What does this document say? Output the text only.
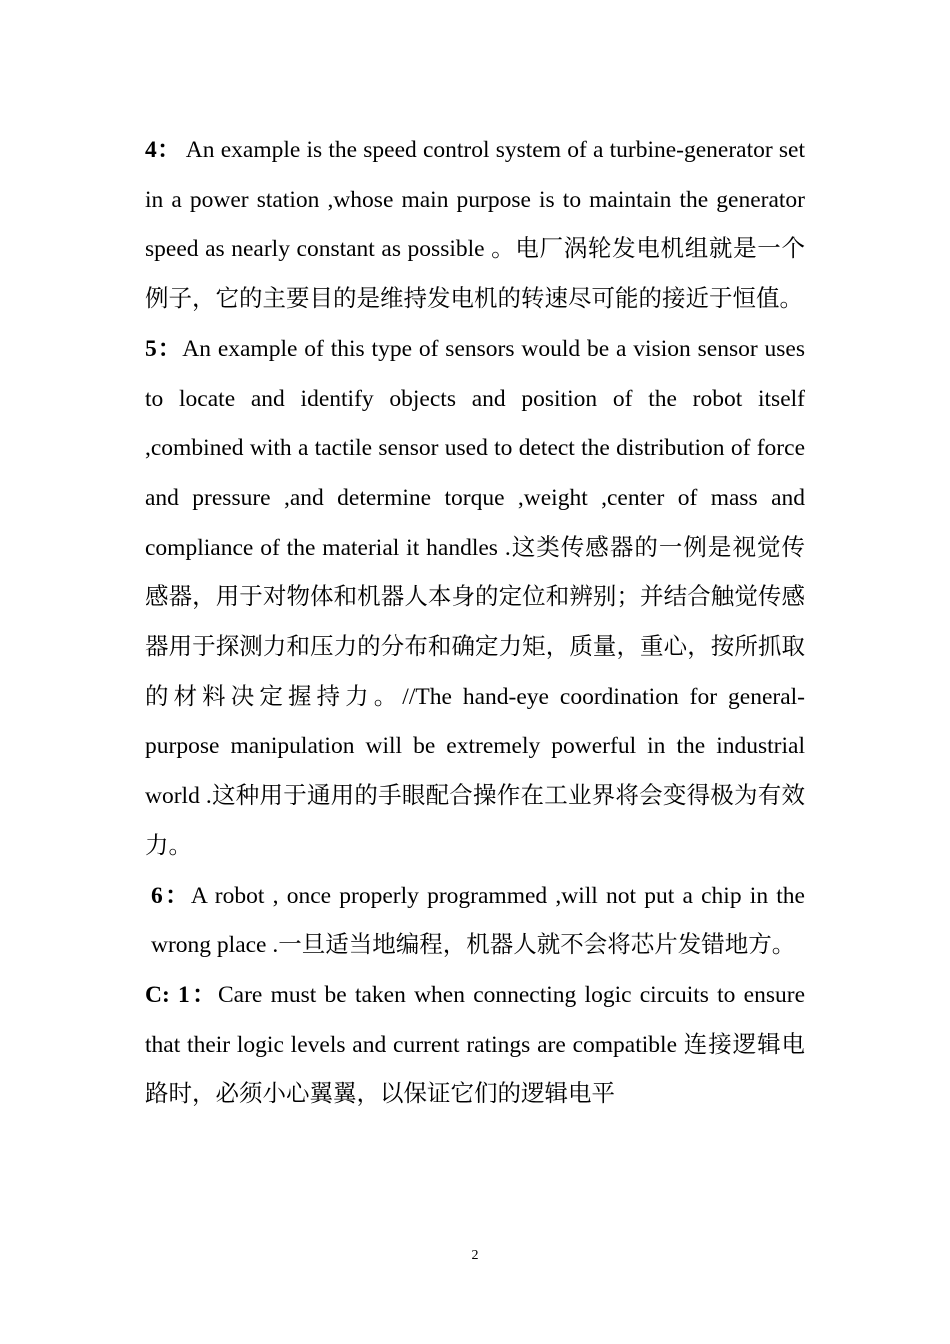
4： An example is the speed control system of a turbine-generator set in a power station ,whose main purpose is to maintain the generator speed as nearly constant as possible 。电厂涡轮发电机组就是一个例子，它的主要目的是维持发电机的转速尽可能的接近于恒值。

5：An example of this type of sensors would be a vision sensor uses to locate and identify objects and position of the robot itself ,combined with a tactile sensor used to detect the distribution of force and pressure ,and determine torque ,weight ,center of mass and compliance of the material it handles .这类传感器的一例是视觉传感器，用于对物体和机器人本身的定位和辨别；并结合触觉传感器用于探测力和压力的分布和确定力矩，质量，重心，按所抓取的材料决定握持力。//The hand-eye coordination for general-purpose manipulation will be extremely powerful in the industrial world .这种用于通用的手眼配合操作在工业界将会变得极为有效力。

6：A robot , once properly programmed ,will not put a chip in the wrong place .一旦适当地编程，机器人就不会将芯片发错地方。

C: 1：Care must be taken when connecting logic circuits to ensure that their logic levels and current ratings are compatible 连接逻辑电路时，必须小心翼翼，以保证它们的逻辑电平

2
